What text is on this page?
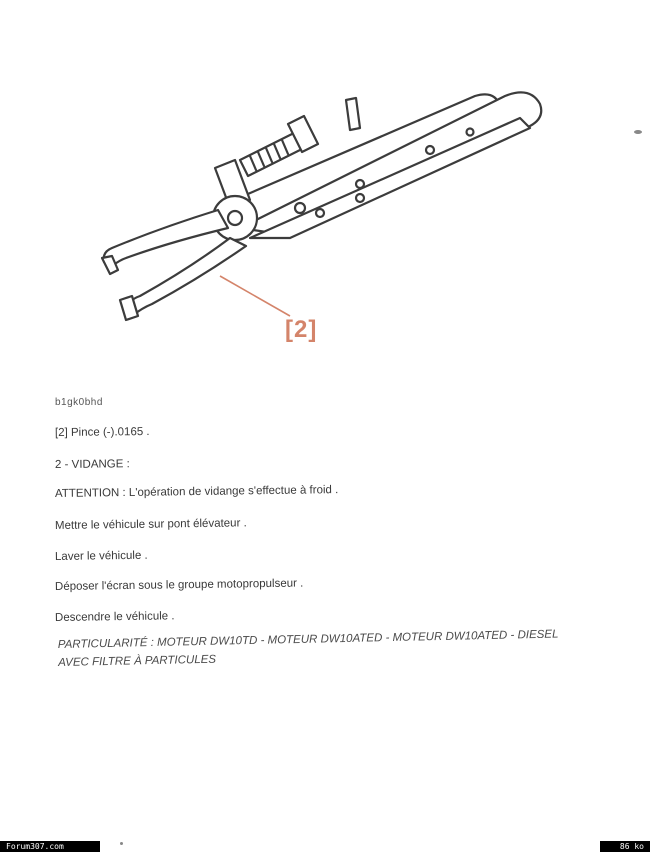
[2]
b1gk0bhd
[2] Pince (-).0165 .
2 - VIDANGE :
ATTENTION : L'opération de vidange s'effectue à froid .
Mettre le véhicule sur pont élévateur .
Laver le véhicule .
Déposer l'écran sous le groupe motopropulseur .
Descendre le véhicule .
PARTICULARITÉ : MOTEUR DW10TD - MOTEUR DW10ATED - MOTEUR DW10ATED - DIESEL
AVEC FILTRE À PARTICULES
Forum307.com	86 ko
